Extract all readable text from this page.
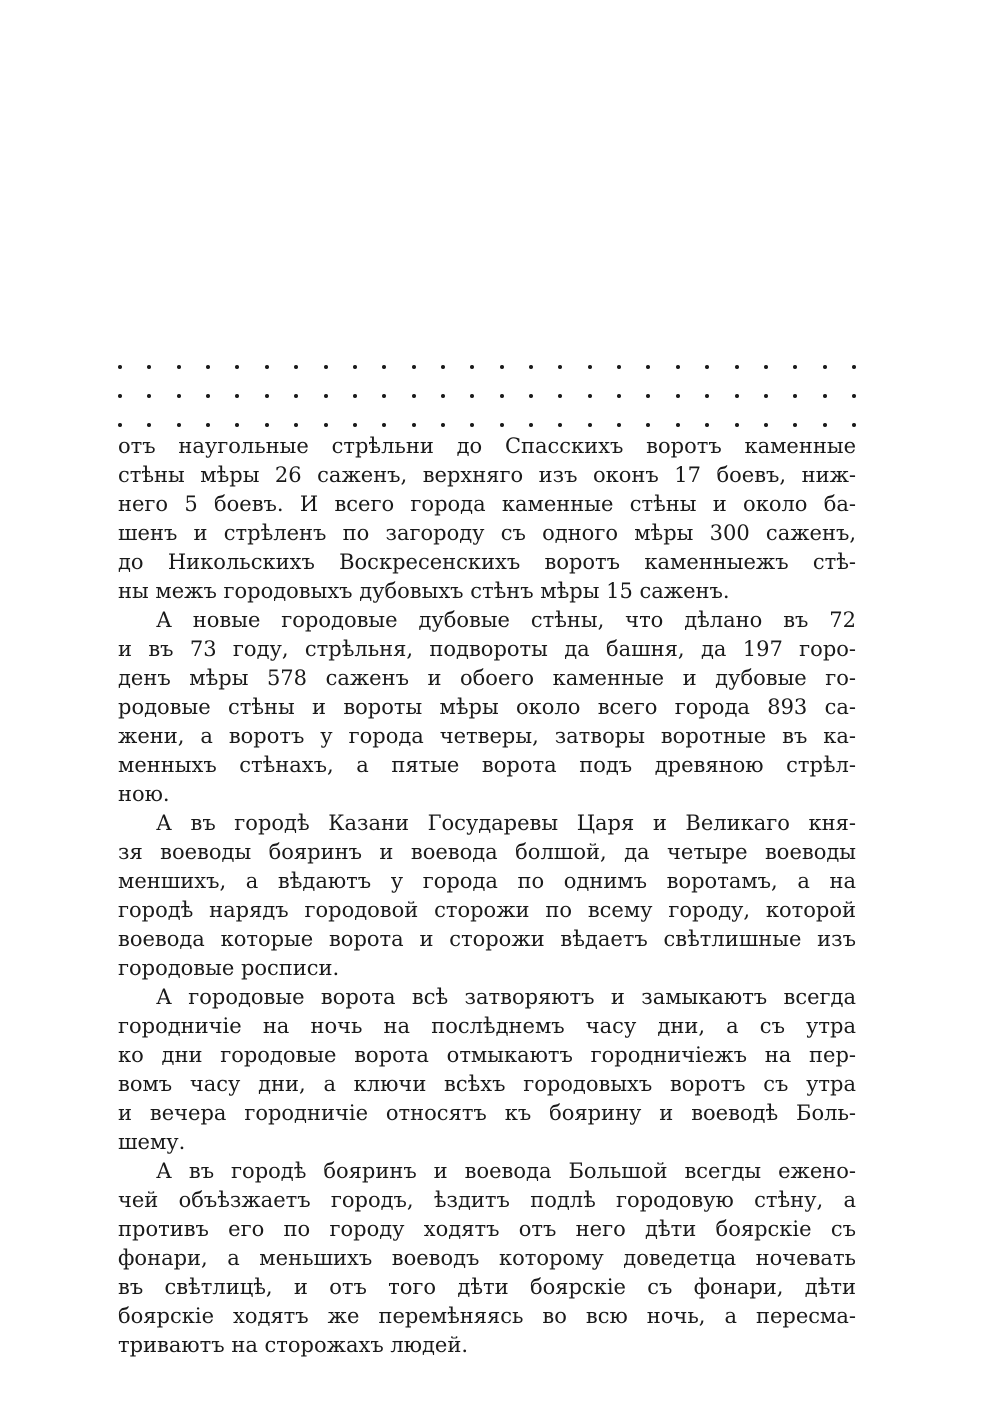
отъ наугольные стрѣльни до Спасскихъ воротъ каменные
стѣны мѣры 26 саженъ, верхняго изъ оконъ 17 боевъ, ниж-
него 5 боевъ. И всего города каменные стѣны и около ба-
шенъ и стрѣленъ по загороду съ одного мѣры 300 саженъ,
до Никольскихъ Воскресенскихъ воротъ каменныежъ стѣ-
ны межъ городовыхъ дубовыхъ стѣнъ мѣры 15 саженъ.
А новые городовые дубовые стѣны, что дѣлано въ 72
и въ 73 году, стрѣльня, подвороты да башня, да 197 горо-
денъ мѣры 578 саженъ и обоего каменные и дубовые го-
родовые стѣны и вороты мѣры около всего города 893 са-
жени, а воротъ у города четверы, затворы воротные въ ка-
менныхъ стѣнахъ, а пятые ворота подъ древяною стрѣл-
ною.
А въ городѣ Казани Государевы Царя и Великаго кня-
зя воеводы бояринъ и воевода болшой, да четыре воеводы
меншихъ, а вѣдаютъ у города по однимъ воротамъ, а на
городѣ нарядъ городовой сторожи по всему городу, которой
воевода которые ворота и сторожи вѣдаетъ свѣтлишные изъ
городовые росписи.
А городовые ворота всѣ затворяютъ и замыкаютъ всегда
городничіе на ночь на послѣднемъ часу дни, а съ утра
ко дни городовые ворота отмыкаютъ городничіежъ на пер-
вомъ часу дни, а ключи всѣхъ городовыхъ воротъ съ утра
и вечера городничіе относятъ къ боярину и воеводѣ Боль-
шему.
А въ городѣ бояринъ и воевода Большой всегды ежено-
чей объѣзжаетъ городъ, ѣздитъ подлѣ городовую стѣну, а
противъ его по городу ходятъ отъ него дѣти боярскіе съ
фонари, а меньшихъ воеводъ которому доведетца ночевать
въ свѣтлицѣ, и отъ того дѣти боярскіе съ фонари, дѣти
боярскіе ходятъ же перемѣняясь во всю ночь, а пересма-
триваютъ на сторожахъ людей.
